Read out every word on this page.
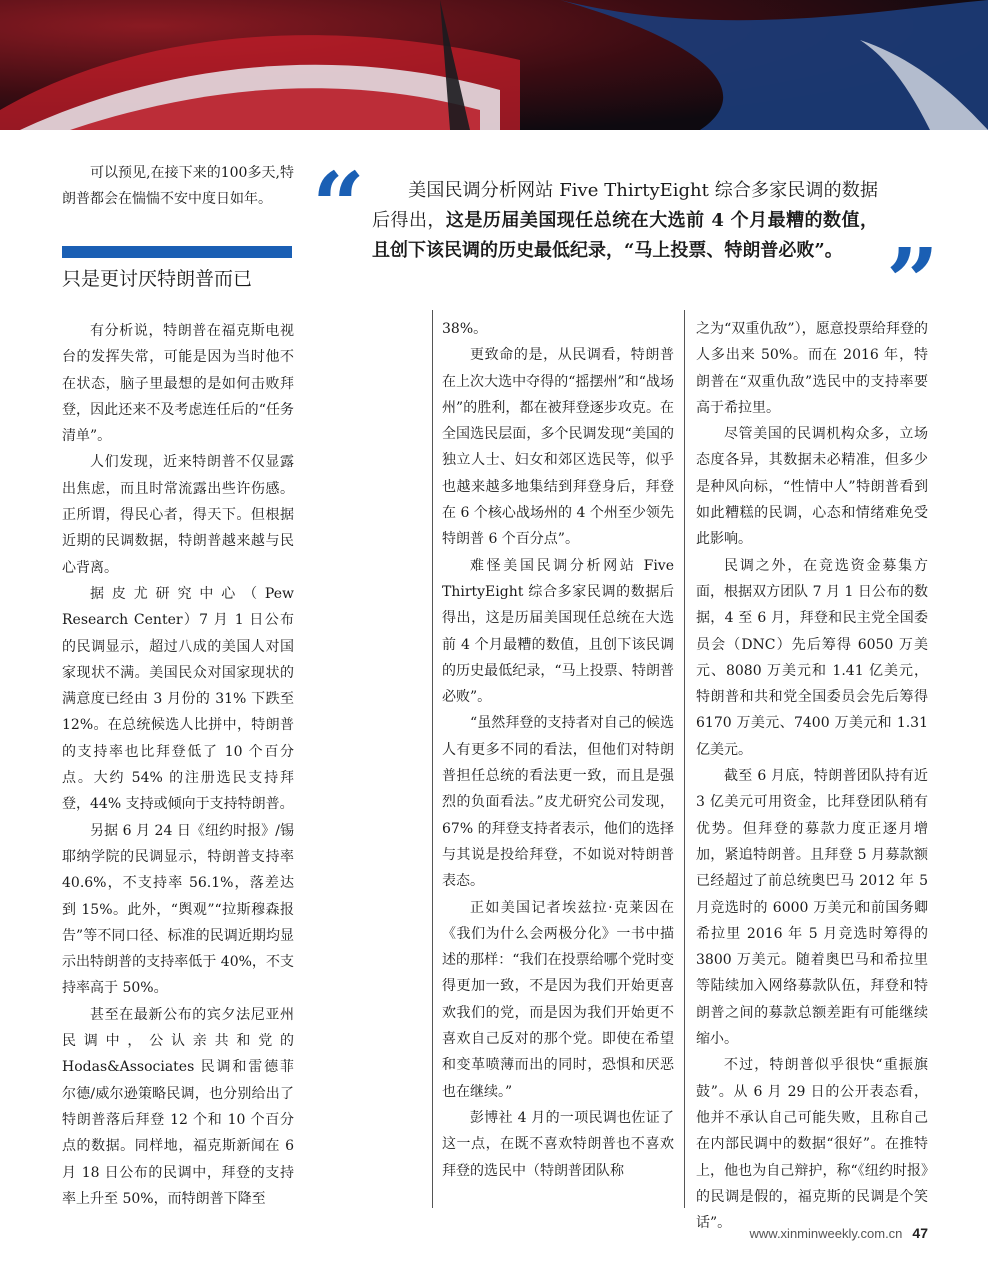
可以预见,在接下来的100多天,特朗普都会在惴惴不安中度日如年。

只是更讨厌特朗普而已
“	美国民调分析网站 Five ThirtyEight 综合多家民调的数据后得出，这是历届美国现任总统在大选前 4 个月最糟的数值，且创下该民调的历史最低纪录，“马上投票、特朗普必败”。 ”

有分析说，特朗普在福克斯电视台的发挥失常，可能是因为当时他不在状态，脑子里最想的是如何击败拜登，因此还来不及考虑连任后的“任务清单”。

人们发现，近来特朗普不仅显露出焦虑，而且时常流露出些许伤感。正所谓，得民心者，得天下。但根据近期的民调数据，特朗普越来越与民心背离。

据皮尤研究中心（Pew Research Center）7 月 1 日公布的民调显示，超过八成的美国人对国家现状不满。美国民众对国家现状的满意度已经由 3 月份的 31% 下跌至 12%。在总统候选人比拼中，特朗普的支持率也比拜登低了 10 个百分点。大约 54% 的注册选民支持拜登，44% 支持或倾向于支持特朗普。

另据 6 月 24 日《纽约时报》/锡耶纳学院的民调显示，特朗普支持率 40.6%，不支持率 56.1%，落差达到 15%。此外，“舆观”“拉斯穆森报告”等不同口径、标准的民调近期均显示出特朗普的支持率低于 40%，不支持率高于 50%。

甚至在最新公布的宾夕法尼亚州民调中，公认亲共和党的 Hodas&Associates 民调和雷德菲尔德/威尔逊策略民调，也分别给出了特朗普落后拜登 12 个和 10 个百分点的数据。同样地，福克斯新闻在 6 月 18 日公布的民调中，拜登的支持率上升至 50%，而特朗普下降至

38%。

更致命的是，从民调看，特朗普在上次大选中夺得的“摇摆州”和“战场州”的胜利，都在被拜登逐步攻克。在全国选民层面，多个民调发现“美国的独立人士、妇女和郊区选民等，似乎也越来越多地集结到拜登身后，拜登在 6 个核心战场州的 4 个州至少领先特朗普 6 个百分点”。

难怪美国民调分析网站 Five ThirtyEight 综合多家民调的数据后得出，这是历届美国现任总统在大选前 4 个月最糟的数值，且创下该民调的历史最低纪录，“马上投票、特朗普必败”。

“虽然拜登的支持者对自己的候选人有更多不同的看法，但他们对特朗普担任总统的看法更一致，而且是强烈的负面看法。”皮尤研究公司发现，67% 的拜登支持者表示，他们的选择与其说是投给拜登，不如说对特朗普表态。

正如美国记者埃兹拉·克莱因在《我们为什么会两极分化》一书中描述的那样：“我们在投票给哪个党时变得更加一致，不是因为我们开始更喜欢我们的党，而是因为我们开始更不喜欢自己反对的那个党。即使在希望和变革喷薄而出的同时，恐惧和厌恶也在继续。”

彭博社 4 月的一项民调也佐证了这一点，在既不喜欢特朗普也不喜欢拜登的选民中（特朗普团队称

之为“双重仇敌”），愿意投票给拜登的人多出来 50%。而在 2016 年，特朗普在“双重仇敌”选民中的支持率要高于希拉里。

尽管美国的民调机构众多，立场态度各异，其数据未必精准，但多少是种风向标，“性情中人”特朗普看到如此糟糕的民调，心态和情绪难免受此影响。

民调之外，在竞选资金募集方面，根据双方团队 7 月 1 日公布的数据，4 至 6 月，拜登和民主党全国委员会（DNC）先后筹得 6050 万美元、8080 万美元和 1.41 亿美元，特朗普和共和党全国委员会先后筹得 6170 万美元、7400 万美元和 1.31 亿美元。

截至 6 月底，特朗普团队持有近 3 亿美元可用资金，比拜登团队稍有优势。但拜登的募款力度正逐月增加，紧追特朗普。且拜登 5 月募款额已经超过了前总统奥巴马 2012 年 5 月竞选时的 6000 万美元和前国务卿希拉里 2016 年 5 月竞选时筹得的 3800 万美元。随着奥巴马和希拉里等陆续加入网络募款队伍，拜登和特朗普之间的募款总额差距有可能继续缩小。

不过，特朗普似乎很快“重振旗鼓”。从 6 月 29 日的公开表态看，他并不承认自己可能失败，且称自己在内部民调中的数据“很好”。在推特上，他也为自己辩护，称“《纽约时报》的民调是假的，福克斯的民调是个笑话”。

www.xinminweekly.com.cn 47
